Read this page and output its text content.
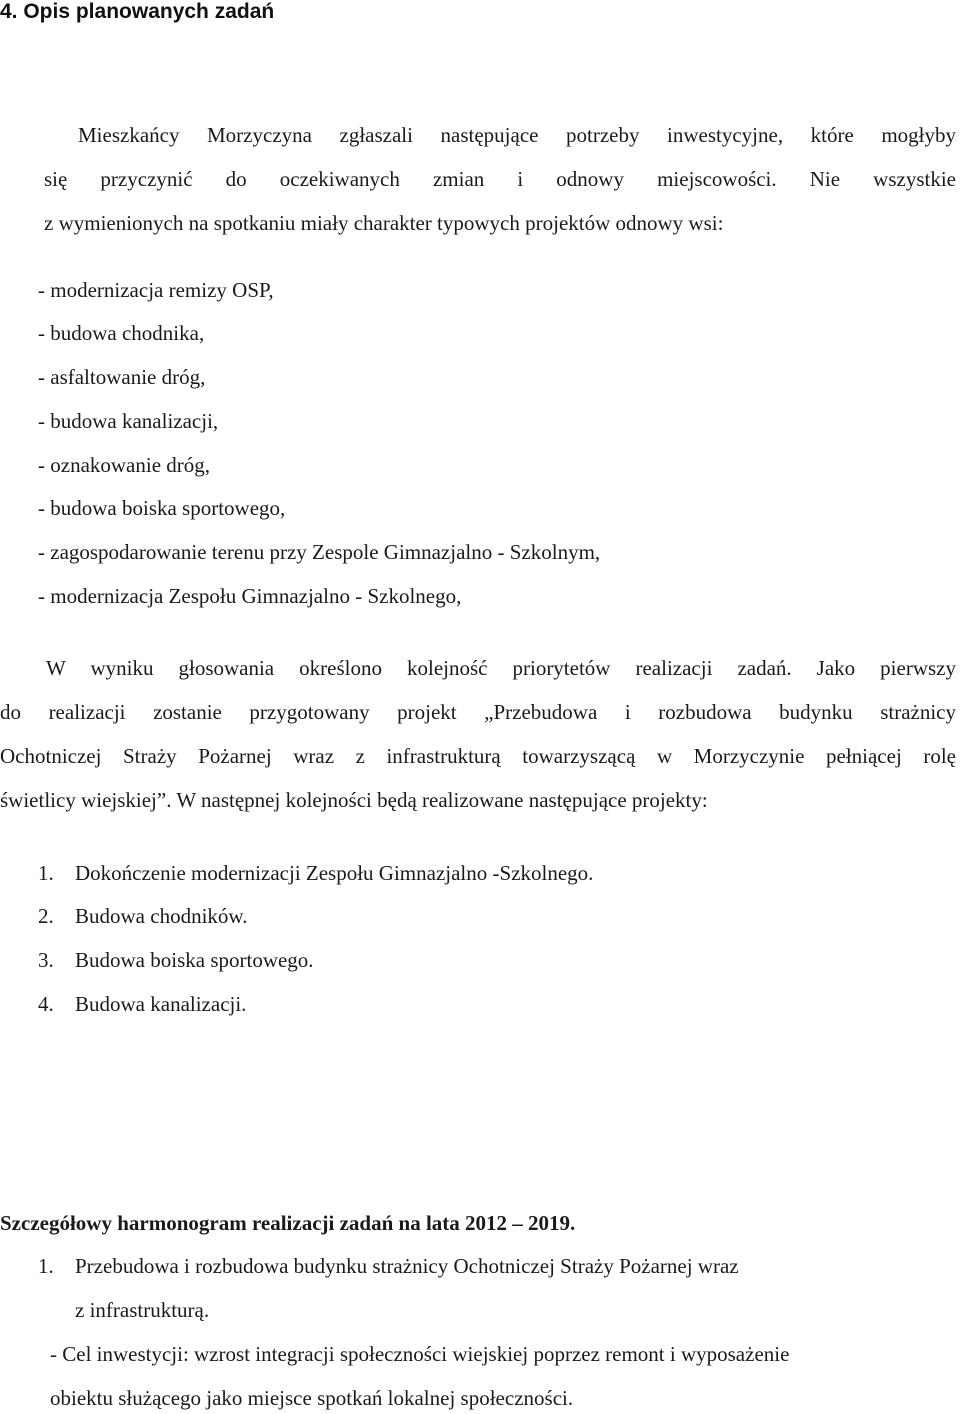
4. Opis planowanych zadań
Mieszkańcy Morzyczyna zgłaszali następujące potrzeby inwestycyjne, które mogłyby
się przyczynić do oczekiwanych zmian i odnowy miejscowości. Nie wszystkie
z wymienionych na spotkaniu miały charakter typowych projektów odnowy wsi:

- modernizacja remizy OSP,

- budowa chodnika,

- asfaltowanie dróg,

- budowa kanalizacji,

- oznakowanie dróg,

- budowa boiska sportowego,

- zagospodarowanie terenu przy Zespole Gimnazjalno - Szkolnym,

- modernizacja Zespołu Gimnazjalno - Szkolnego,

W wyniku głosowania określono kolejność priorytetów realizacji zadań. Jako pierwszy
do realizacji zostanie przygotowany projekt „Przebudowa i rozbudowa budynku strażnicy
Ochotniczej Straży Pożarnej wraz z infrastrukturą towarzyszącą w Morzyczynie pełniącej rolę
świetlicy wiejskiej”. W następnej kolejności będą realizowane następujące projekty:

1. Dokończenie modernizacji Zespołu Gimnazjalno -Szkolnego.

2. Budowa chodników.

3. Budowa boiska sportowego.

4. Budowa kanalizacji.

Szczegółowy harmonogram realizacji zadań na lata 2012 – 2019.

1. Przebudowa i rozbudowa budynku strażnicy Ochotniczej Straży Pożarnej wraz

z infrastrukturą.

- Cel inwestycji: wzrost integracji społeczności wiejskiej poprzez remont i wyposażenie

obiektu służącego jako miejsce spotkań lokalnej społeczności.
